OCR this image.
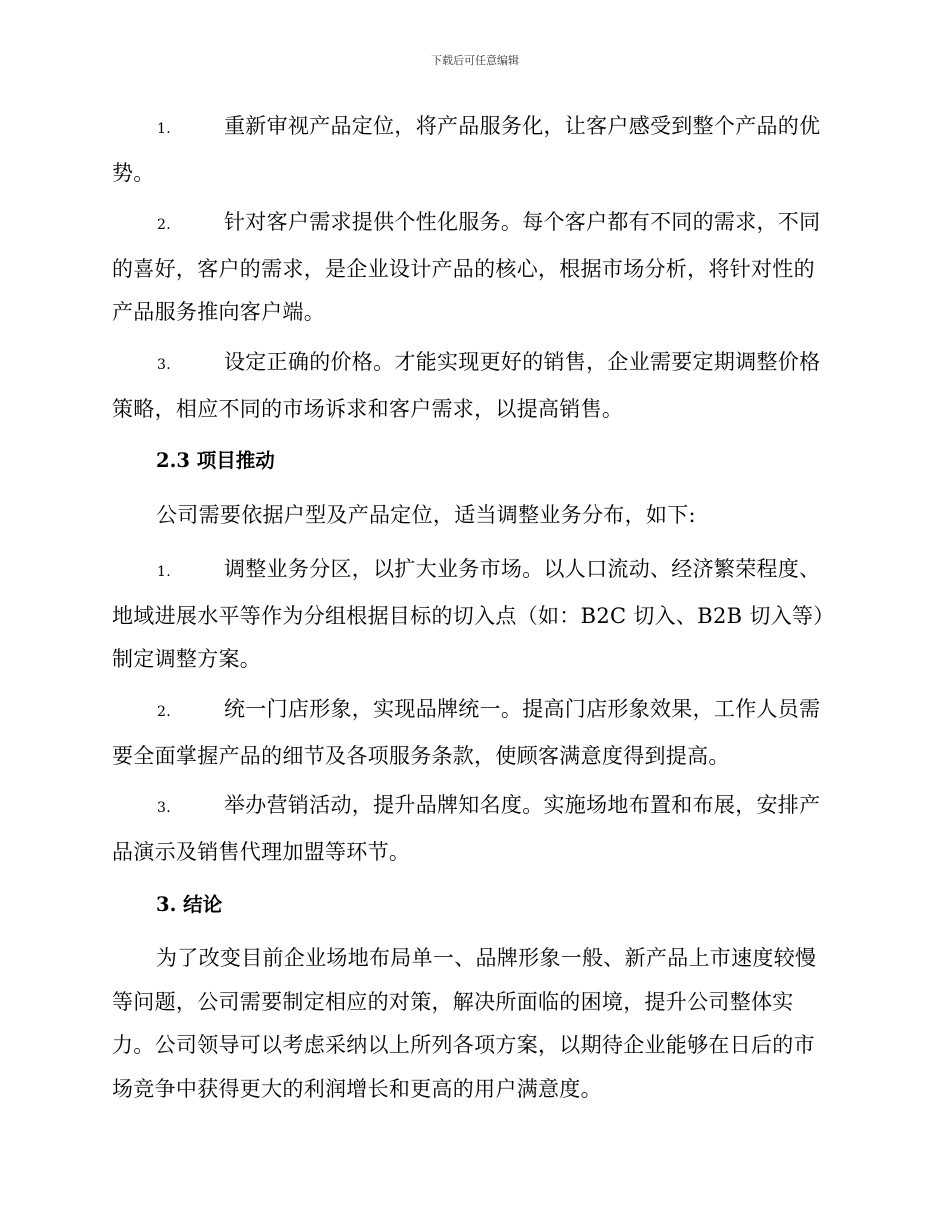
下载后可任意编辑
1.	重新审视产品定位，将产品服务化，让客户感受到整个产品的优势。
2.	针对客户需求提供个性化服务。每个客户都有不同的需求，不同的喜好，客户的需求，是企业设计产品的核心，根据市场分析，将针对性的产品服务推向客户端。
3.	设定正确的价格。才能实现更好的销售，企业需要定期调整价格策略，相应不同的市场诉求和客户需求，以提高销售。
2.3 项目推动
公司需要依据户型及产品定位，适当调整业务分布，如下:
1.	调整业务分区，以扩大业务市场。以人口流动、经济繁荣程度、地域进展水平等作为分组根据目标的切入点（如：B2C 切入、B2B 切入等）制定调整方案。
2.	统一门店形象，实现品牌统一。提高门店形象效果，工作人员需要全面掌握产品的细节及各项服务条款，使顾客满意度得到提高。
3.	举办营销活动，提升品牌知名度。实施场地布置和布展，安排产品演示及销售代理加盟等环节。
3. 结论
为了改变目前企业场地布局单一、品牌形象一般、新产品上市速度较慢等问题，公司需要制定相应的对策，解决所面临的困境，提升公司整体实力。公司领导可以考虑采纳以上所列各项方案，以期待企业能够在日后的市场竞争中获得更大的利润增长和更高的用户满意度。
